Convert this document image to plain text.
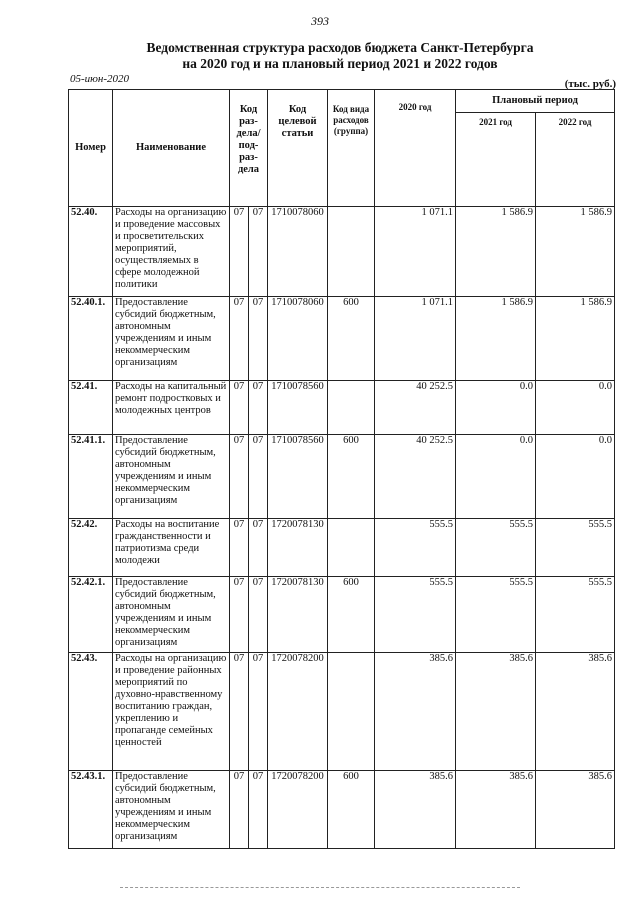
393
Ведомственная структура расходов бюджета Санкт-Петербурга
на 2020 год и на плановый период 2021 и 2022 годов
05-июн-2020	(тыс. руб.)
Номер	Наименование	Код раз-дела/ под-раз-дела		Код целевой статьи	Код вида расходов (группа)	2020 год	Плановый период	
							2021 год	2022 год
52.40.	Расходы на организацию и проведение массовых и просветительских мероприятий, осуществляемых в сфере молодежной политики	07	07	1710078060		1 071.1	1 586.9	1 586.9
52.40.1.	Предоставление субсидий бюджетным, автономным учреждениям и иным некоммерческим организациям	07	07	1710078060	600	1 071.1	1 586.9	1 586.9
52.41.	Расходы на капитальный ремонт подростковых и молодежных центров	07	07	1710078560		40 252.5	0.0	0.0
52.41.1.	Предоставление субсидий бюджетным, автономным учреждениям и иным некоммерческим организациям	07	07	1710078560	600	40 252.5	0.0	0.0
52.42.	Расходы на воспитание гражданственности и патриотизма среди молодежи	07	07	1720078130		555.5	555.5	555.5
52.42.1.	Предоставление субсидий бюджетным, автономным учреждениям и иным некоммерческим организациям	07	07	1720078130	600	555.5	555.5	555.5
52.43.	Расходы на организацию и проведение районных мероприятий по духовно-нравственному воспитанию граждан, укреплению и пропаганде семейных ценностей	07	07	1720078200		385.6	385.6	385.6
52.43.1.	Предоставление субсидий бюджетным, автономным учреждениям и иным некоммерческим организациям	07	07	1720078200	600	385.6	385.6	385.6
